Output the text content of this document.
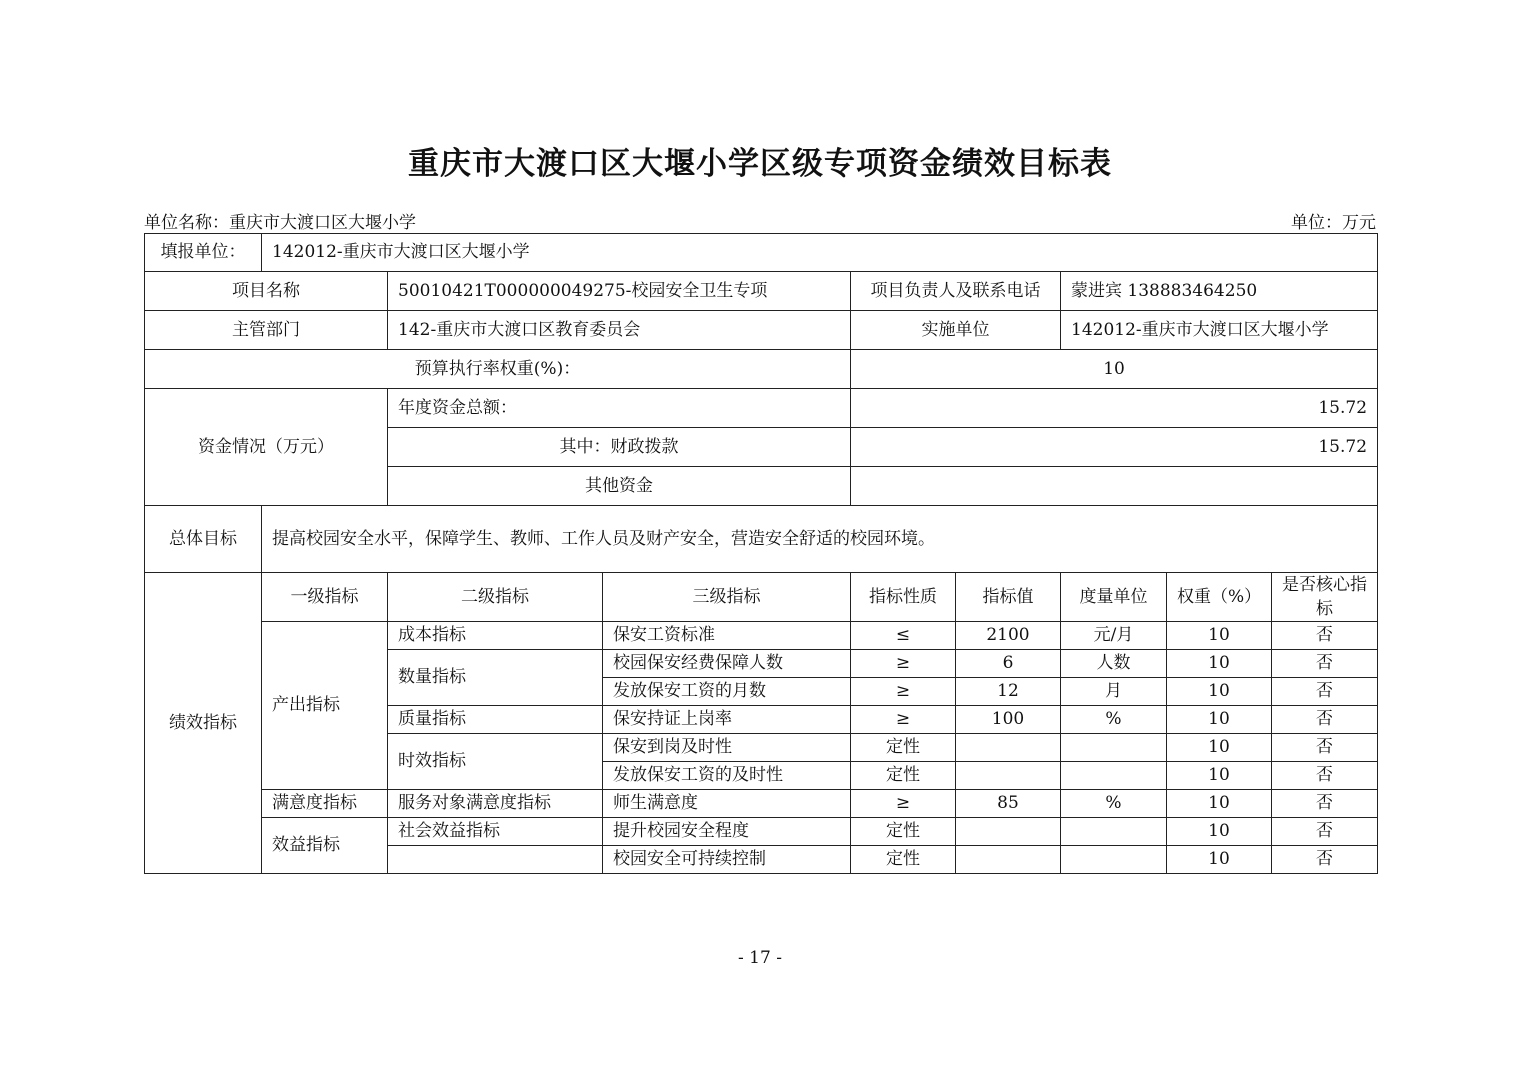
重庆市大渡口区大堰小学区级专项资金绩效目标表
单位名称：重庆市大渡口区大堰小学	单位：万元
填报单位：	142012-重庆市大渡口区大堰小学							
项目名称		50010421T000000049275-校园安全卫生专项		项目负责人及联系电话		蒙进宾 138883464250		
主管部门		142-重庆市大渡口区教育委员会		实施单位		142012-重庆市大渡口区大堰小学		
预算执行率权重(%)：				10				
资金情况（万元）		年度资金总额：		15.72				
		其中：财政拨款		15.72				
		其他资金						
总体目标	提高校园安全水平，保障学生、教师、工作人员及财产安全，营造安全舒适的校园环境。							
绩效指标	一级指标	二级指标	三级指标	指标性质	指标值	度量单位	权重（%）	是否核心指标
	产出指标	成本指标	保安工资标准	≤	2100	元/月	10	否
		数量指标	校园保安经费保障人数	≥	6	人数	10	否
			发放保安工资的月数	≥	12	月	10	否
		质量指标	保安持证上岗率	≥	100	%	10	否
		时效指标	保安到岗及时性	定性			10	否
			发放保安工资的及时性	定性			10	否
	满意度指标	服务对象满意度指标	师生满意度	≥	85	%	10	否
	效益指标	社会效益指标	提升校园安全程度	定性			10	否
			校园安全可持续控制	定性			10	否
- 17 -
